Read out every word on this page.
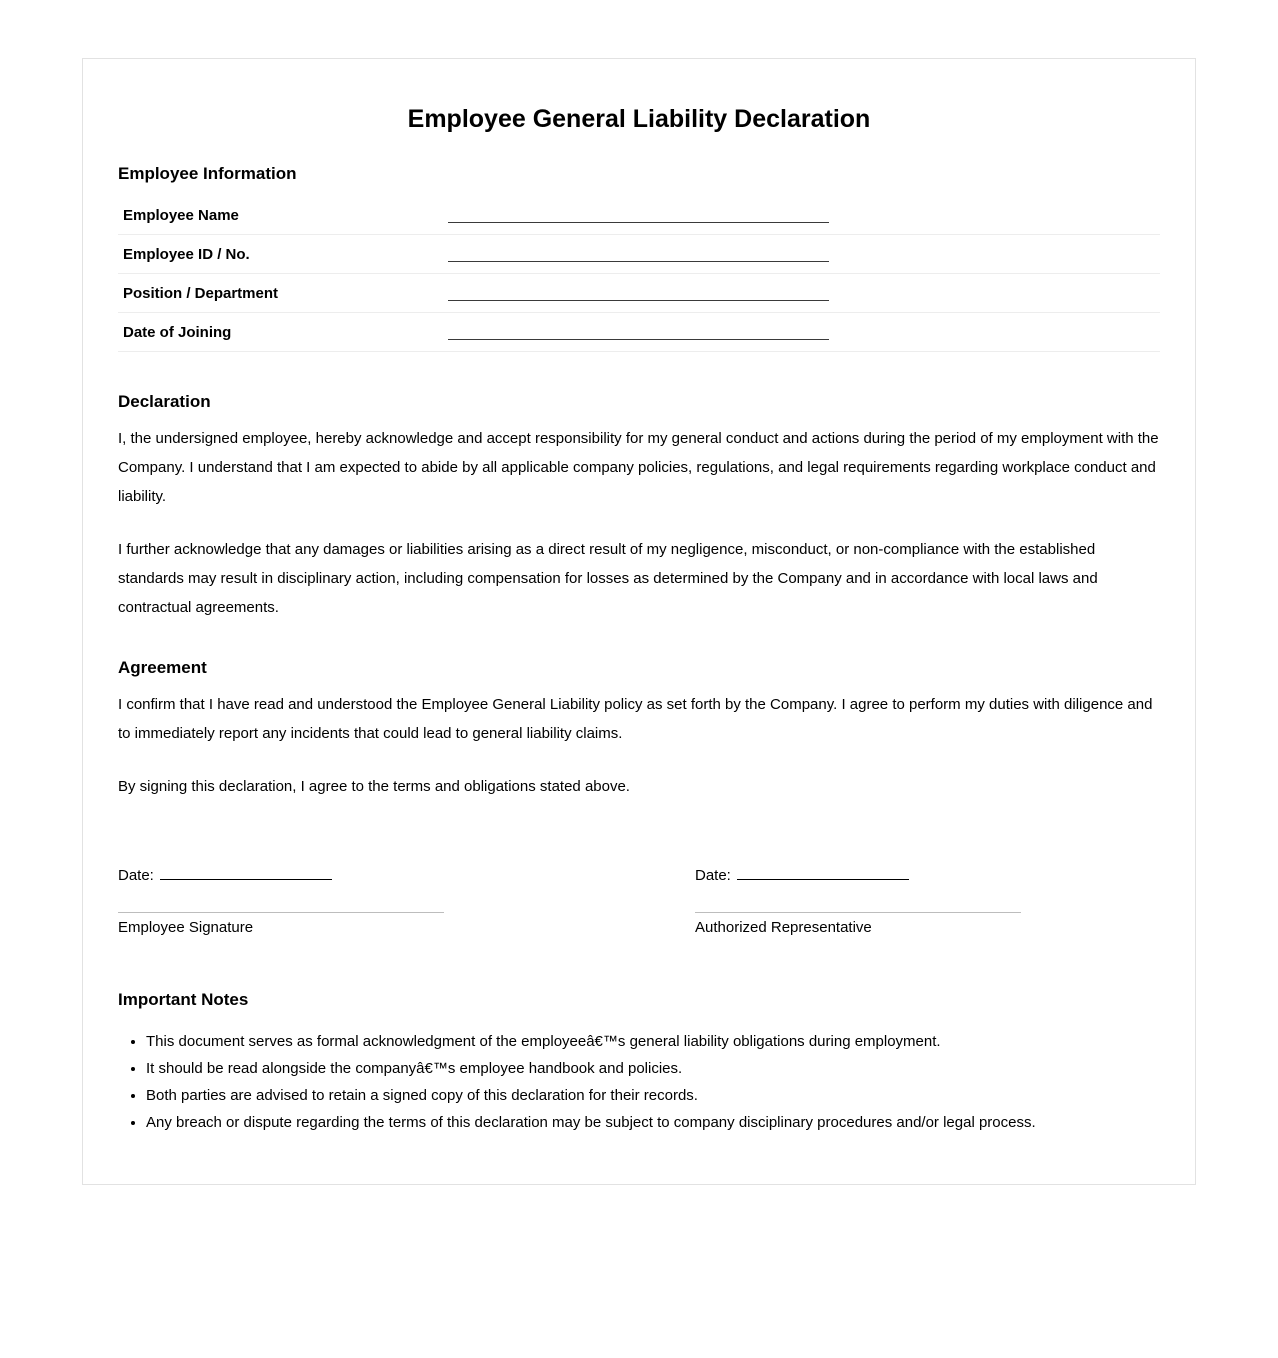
Employee General Liability Declaration
Employee Information
Employee Name
Employee ID / No.
Position / Department
Date of Joining
Declaration

I, the undersigned employee, hereby acknowledge and accept responsibility for my general conduct and actions during the period of my employment with the Company. I understand that I am expected to abide by all applicable company policies, regulations, and legal requirements regarding workplace conduct and liability.

I further acknowledge that any damages or liabilities arising as a direct result of my negligence, misconduct, or non-compliance with the established standards may result in disciplinary action, including compensation for losses as determined by the Company and in accordance with local laws and contractual agreements.

Agreement

I confirm that I have read and understood the Employee General Liability policy as set forth by the Company. I agree to perform my duties with diligence and to immediately report any incidents that could lead to general liability claims.

By signing this declaration, I agree to the terms and obligations stated above.

Date:
Employee Signature
Date:
Authorized Representative
Important Notes
• This document serves as formal acknowledgment of the employeeâ€™s general liability obligations during employment.
• It should be read alongside the companyâ€™s employee handbook and policies.
• Both parties are advised to retain a signed copy of this declaration for their records.
• Any breach or dispute regarding the terms of this declaration may be subject to company disciplinary procedures and/or legal process.
